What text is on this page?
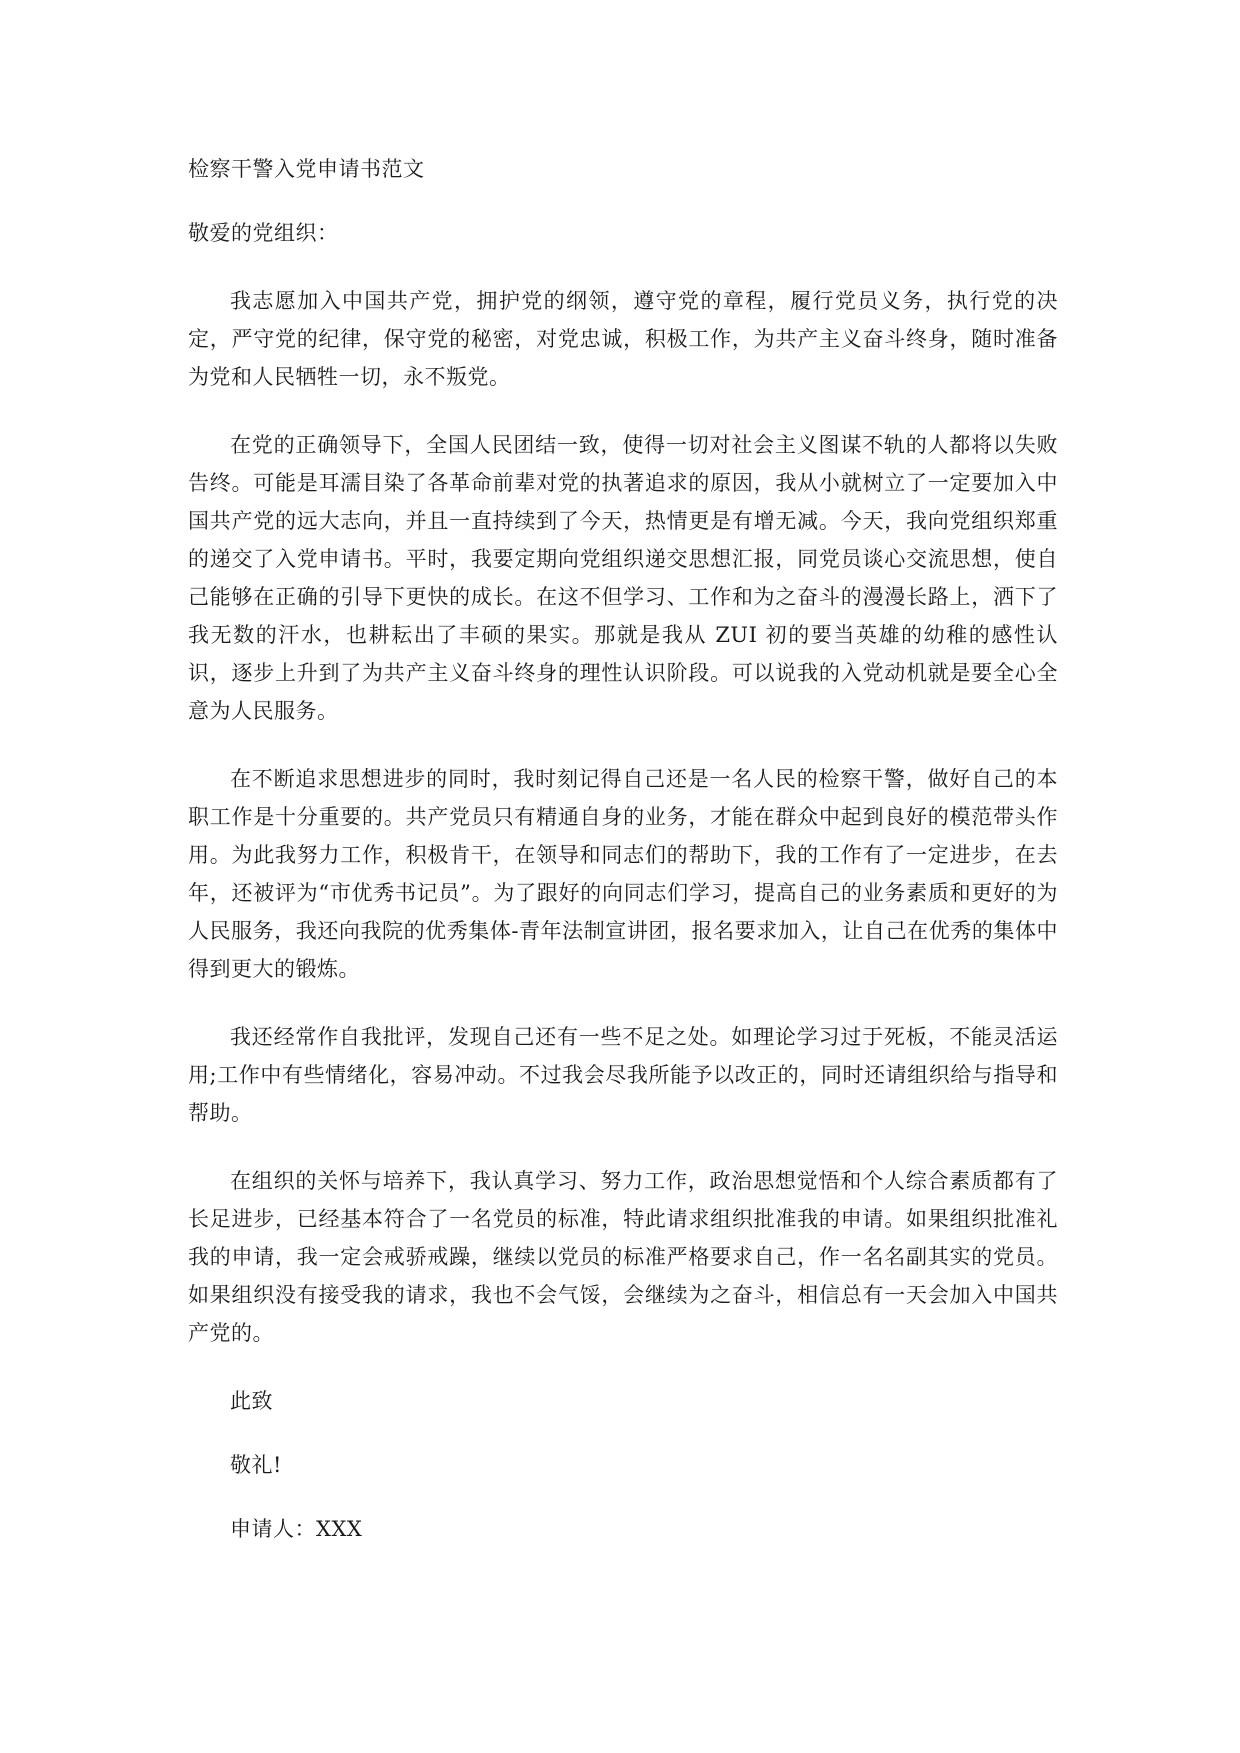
检察干警入党申请书范文

敬爱的党组织：

我志愿加入中国共产党，拥护党的纲领，遵守党的章程，履行党员义务，执行党的决定，严守党的纪律，保守党的秘密，对党忠诚，积极工作，为共产主义奋斗终身，随时准备为党和人民牺牲一切，永不叛党。

在党的正确领导下，全国人民团结一致，使得一切对社会主义图谋不轨的人都将以失败告终。可能是耳濡目染了各革命前辈对党的执著追求的原因，我从小就树立了一定要加入中国共产党的远大志向，并且一直持续到了今天，热情更是有增无减。今天，我向党组织郑重的递交了入党申请书。平时，我要定期向党组织递交思想汇报，同党员谈心交流思想，使自己能够在正确的引导下更快的成长。在这不但学习、工作和为之奋斗的漫漫长路上，洒下了我无数的汗水，也耕耘出了丰硕的果实。那就是我从 ZUI 初的要当英雄的幼稚的感性认识，逐步上升到了为共产主义奋斗终身的理性认识阶段。可以说我的入党动机就是要全心全意为人民服务。

在不断追求思想进步的同时，我时刻记得自己还是一名人民的检察干警，做好自己的本职工作是十分重要的。共产党员只有精通自身的业务，才能在群众中起到良好的模范带头作用。为此我努力工作，积极肯干，在领导和同志们的帮助下，我的工作有了一定进步，在去年，还被评为“市优秀书记员”。为了跟好的向同志们学习，提高自己的业务素质和更好的为人民服务，我还向我院的优秀集体-青年法制宣讲团，报名要求加入，让自己在优秀的集体中得到更大的锻炼。

我还经常作自我批评，发现自己还有一些不足之处。如理论学习过于死板，不能灵活运用;工作中有些情绪化，容易冲动。不过我会尽我所能予以改正的，同时还请组织给与指导和帮助。

在组织的关怀与培养下，我认真学习、努力工作，政治思想觉悟和个人综合素质都有了长足进步，已经基本符合了一名党员的标准，特此请求组织批准我的申请。如果组织批准礼我的申请，我一定会戒骄戒躁，继续以党员的标准严格要求自己，作一名名副其实的党员。如果组织没有接受我的请求，我也不会气馁，会继续为之奋斗，相信总有一天会加入中国共产党的。

此致

敬礼!

申请人：XXX
